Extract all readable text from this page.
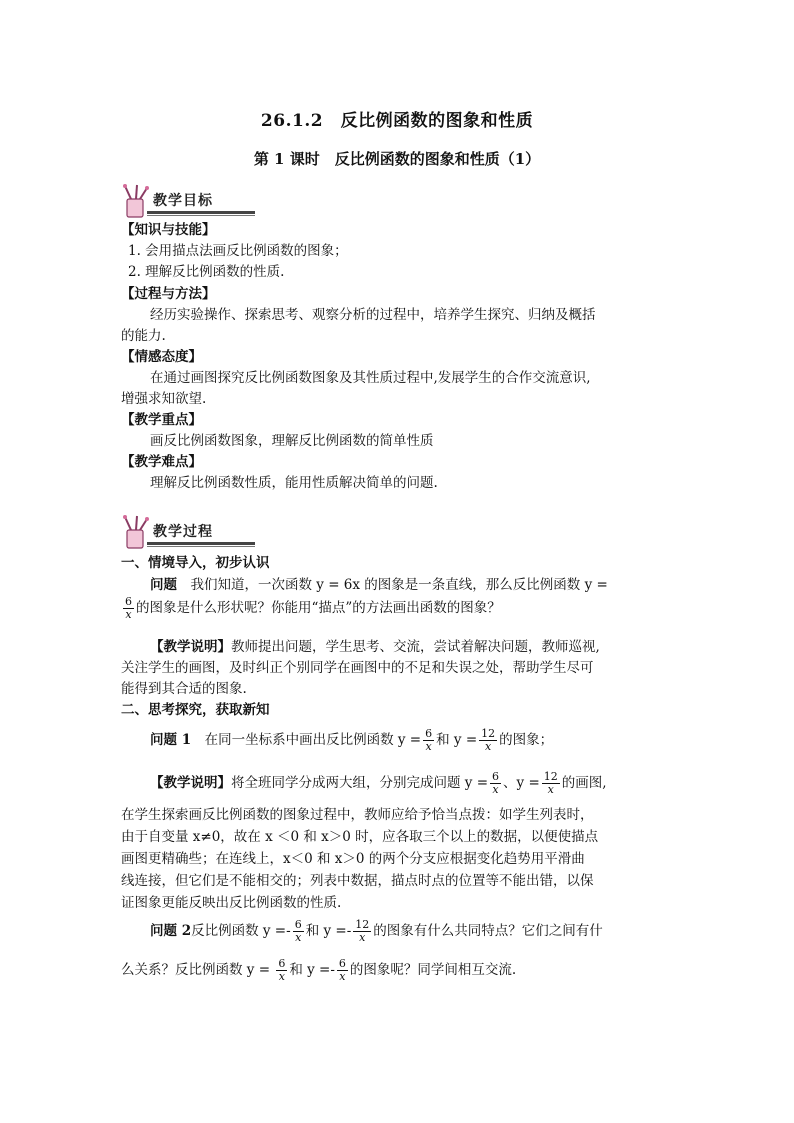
26.1.2　反比例函数的图象和性质
第 1 课时　反比例函数的图象和性质（1）
教学目标
【知识与技能】
1. 会用描点法画反比例函数的图象；
2. 理解反比例函数的性质.
【过程与方法】
经历实验操作、探索思考、观察分析的过程中，培养学生探究、归纳及概括
的能力.
【情感态度】
在通过画图探究反比例函数图象及其性质过程中,发展学生的合作交流意识,
增强求知欲望.
【教学重点】
画反比例函数图象，理解反比例函数的简单性质
【教学难点】
理解反比例函数性质，能用性质解决简单的问题.
教学过程
一、情境导入，初步认识
问题　我们知道，一次函数 y = 6x 的图象是一条直线，那么反比例函数 y =
$\frac{6}{x}$ 的图象是什么形状呢？你能用“描点”的方法画出函数的图象？
【教学说明】教师提出问题，学生思考、交流，尝试着解决问题，教师巡视,
关注学生的画图，及时纠正个别同学在画图中的不足和失误之处，帮助学生尽可
能得到其合适的图象.
二、思考探究，获取新知
问题 1　在同一坐标系中画出反比例函数 $y = \frac{6}{x}$ 和 $y = \frac{12}{x}$ 的图象；
【教学说明】将全班同学分成两大组，分别完成问题 $y = \frac{6}{x}$ 、$y = \frac{12}{x}$ 的画图,
在学生探索画反比例函数的图象过程中，教师应给予恰当点拨：如学生列表时，
由于自变量 x≠0，故在 x ＜0 和 x＞0 时，应各取三个以上的数据，以便使描点
画图更精确些；在连线上，x＜0 和 x＞0 的两个分支应根据变化趋势用平滑曲
线连接，但它们是不能相交的；列表中数据，描点时点的位置等不能出错，以保
证图象更能反映出反比例函数的性质.
问题 2反比例函数 $y =- \frac{6}{x}$ 和 $y =- \frac{12}{x}$ 的图象有什么共同特点？它们之间有什
么关系？反比例函数 $y = \frac{6}{x}$ 和 $y =- \frac{6}{x}$ 的图象呢？同学间相互交流.
